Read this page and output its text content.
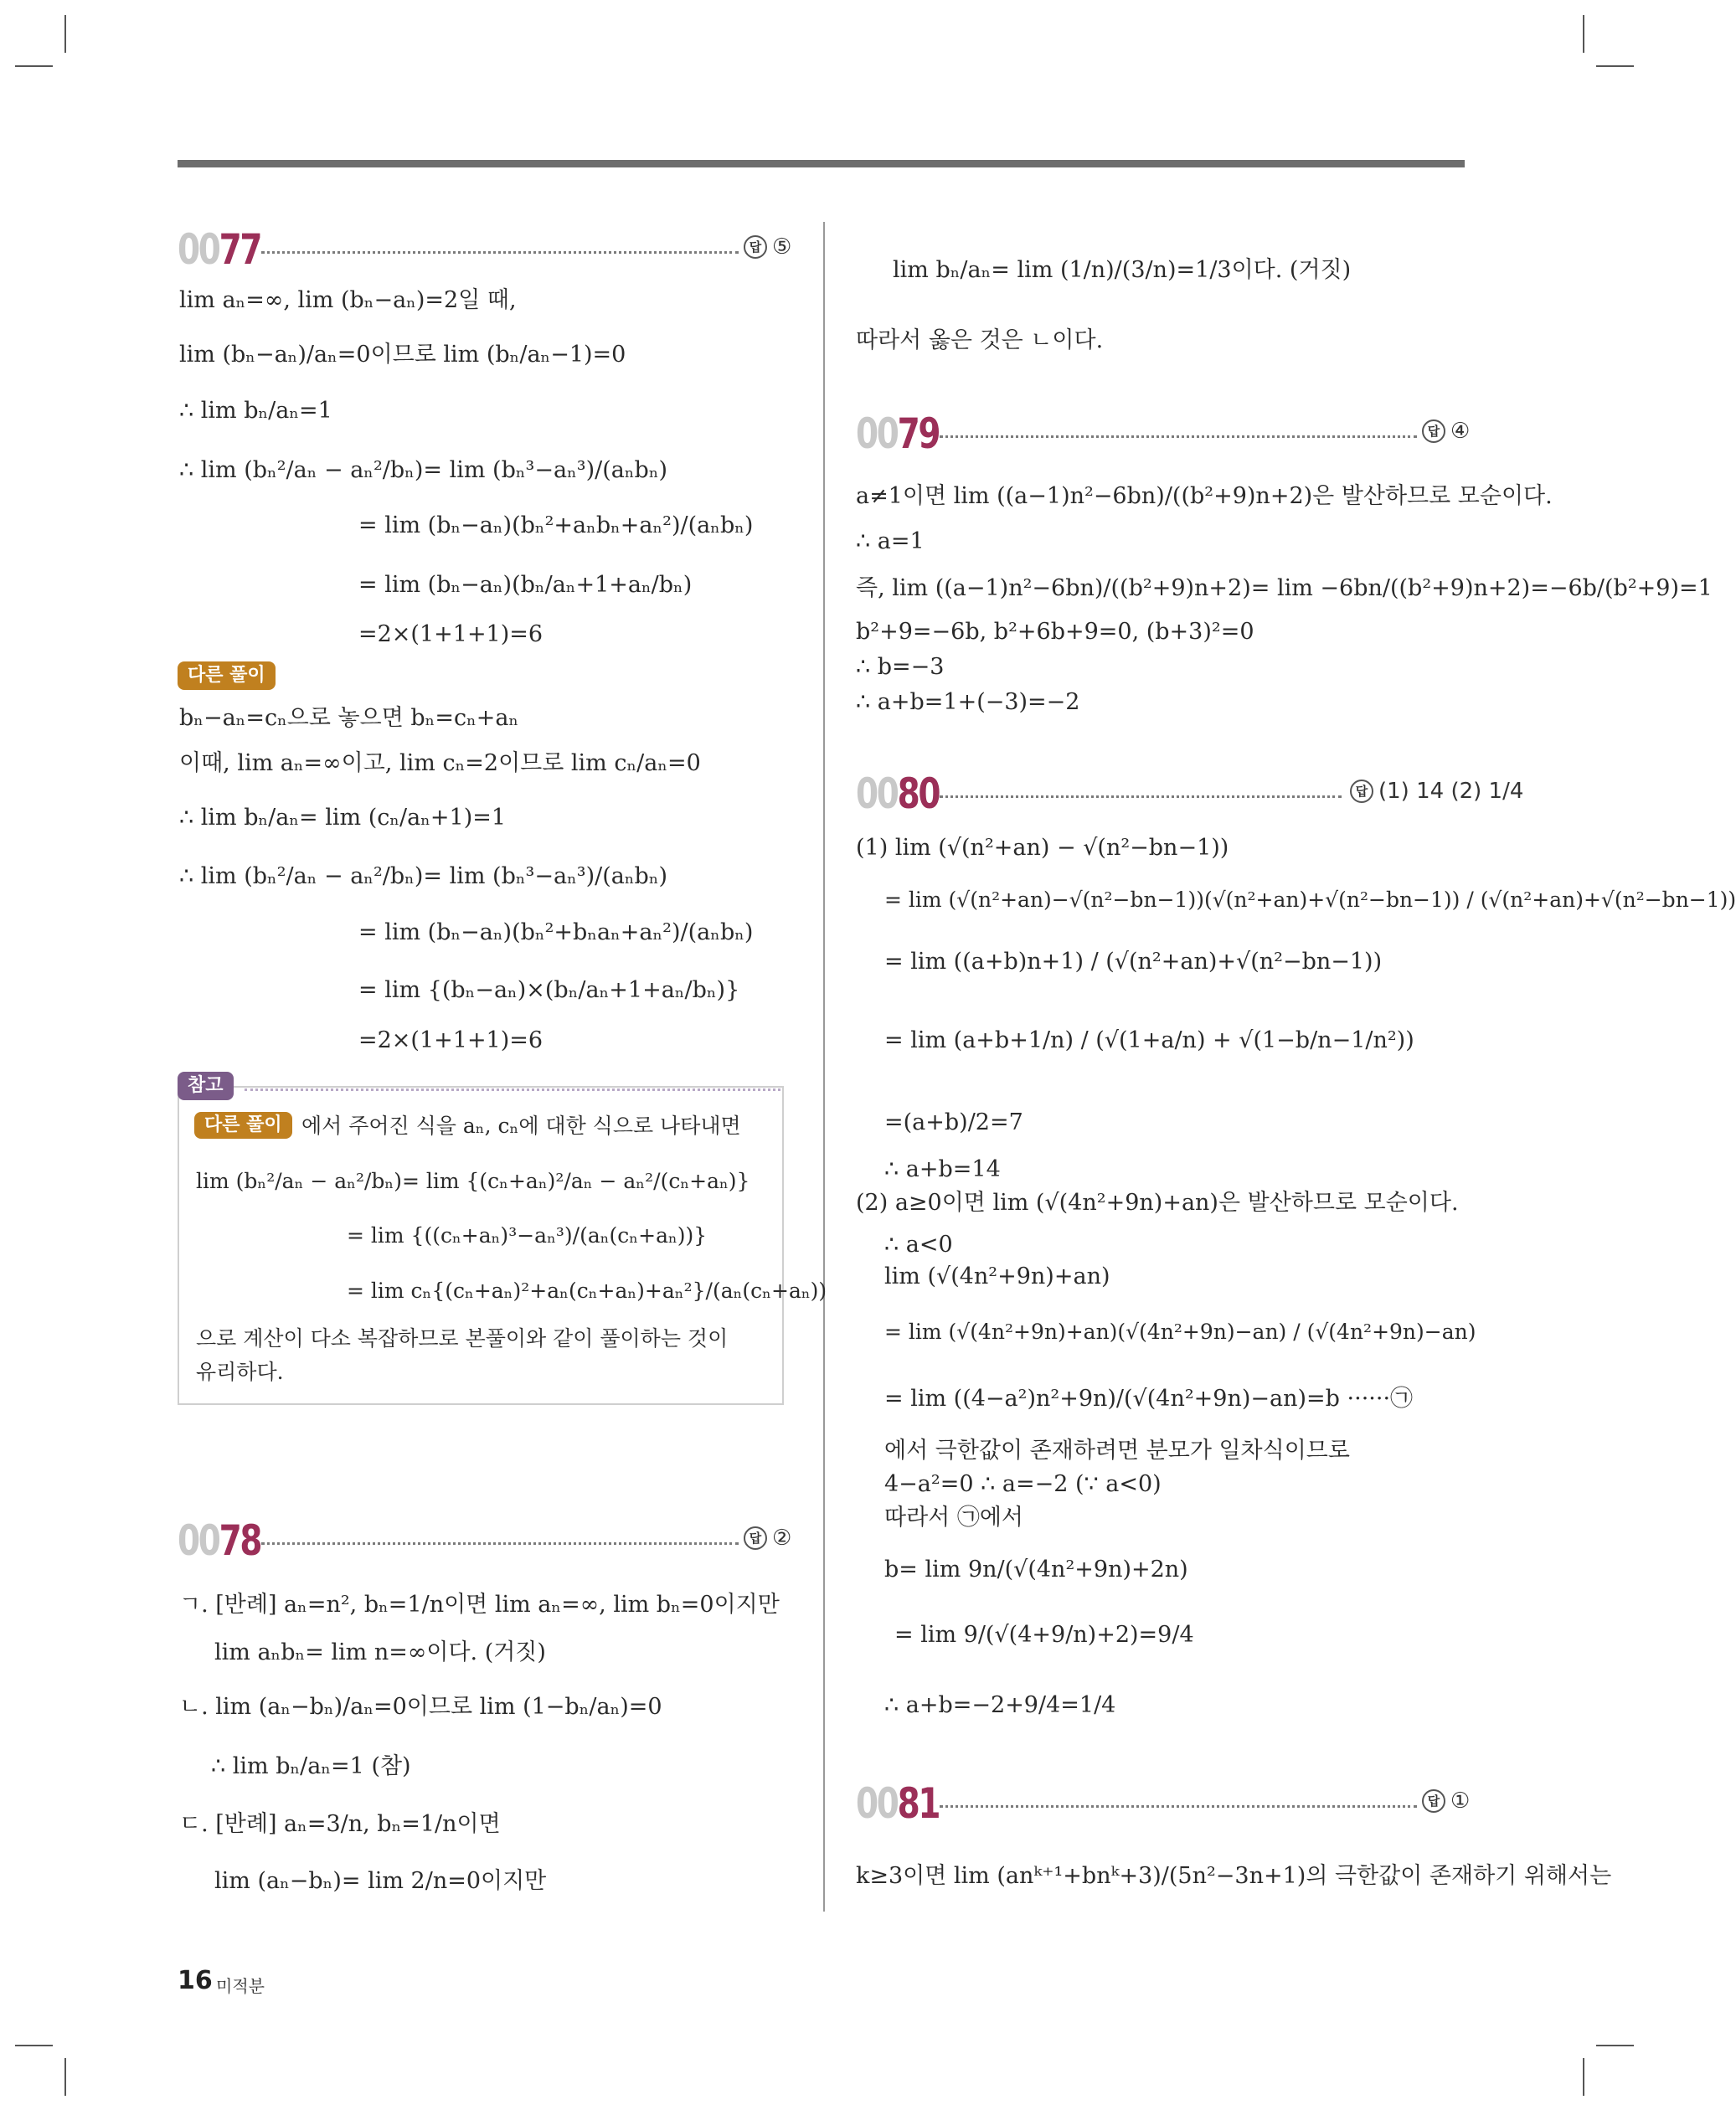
0077	답 ⑤
lim aₙ=∞, lim (bₙ−aₙ)=2일 때,
lim (bₙ−aₙ)/aₙ=0이므로 lim (bₙ/aₙ−1)=0
∴ lim bₙ/aₙ=1
∴ lim (bₙ²/aₙ − aₙ²/bₙ)= lim (bₙ³−aₙ³)/(aₙbₙ)
= lim (bₙ−aₙ)(bₙ²+aₙbₙ+aₙ²)/(aₙbₙ)
= lim (bₙ−aₙ)(bₙ/aₙ+1+aₙ/bₙ)
=2×(1+1+1)=6
다른 풀이
bₙ−aₙ=cₙ으로 놓으면 bₙ=cₙ+aₙ
이때, lim aₙ=∞이고, lim cₙ=2이므로 lim cₙ/aₙ=0
∴ lim bₙ/aₙ= lim (cₙ/aₙ+1)=1
∴ lim (bₙ²/aₙ − aₙ²/bₙ)= lim (bₙ³−aₙ³)/(aₙbₙ)
= lim (bₙ−aₙ)(bₙ²+bₙaₙ+aₙ²)/(aₙbₙ)
= lim {(bₙ−aₙ)×(bₙ/aₙ+1+aₙ/bₙ)}
=2×(1+1+1)=6
참고
다른 풀이 에서 주어진 식을 aₙ, cₙ에 대한 식으로 나타내면
lim (bₙ²/aₙ − aₙ²/bₙ)= lim {(cₙ+aₙ)²/aₙ − aₙ²/(cₙ+aₙ)}
= lim {((cₙ+aₙ)³−aₙ³)/(aₙ(cₙ+aₙ))}
= lim cₙ{(cₙ+aₙ)²+aₙ(cₙ+aₙ)+aₙ²}/(aₙ(cₙ+aₙ))
으로 계산이 다소 복잡하므로 본풀이와 같이 풀이하는 것이
유리하다.
0078	답 ②
ㄱ. [반례] aₙ=n², bₙ=1/n이면 lim aₙ=∞, lim bₙ=0이지만
lim aₙbₙ= lim n=∞이다. (거짓)
ㄴ. lim (aₙ−bₙ)/aₙ=0이므로 lim (1−bₙ/aₙ)=0
∴ lim bₙ/aₙ=1 (참)
ㄷ. [반례] aₙ=3/n, bₙ=1/n이면
lim (aₙ−bₙ)= lim 2/n=0이지만
lim bₙ/aₙ= lim (1/n)/(3/n)=1/3이다. (거짓)
따라서 옳은 것은 ㄴ이다.
0079	답 ④
a≠1이면 lim ((a−1)n²−6bn)/((b²+9)n+2)은 발산하므로 모순이다.
∴ a=1
즉, lim ((a−1)n²−6bn)/((b²+9)n+2)= lim −6bn/((b²+9)n+2)=−6b/(b²+9)=1
b²+9=−6b, b²+6b+9=0, (b+3)²=0
∴ b=−3
∴ a+b=1+(−3)=−2
0080	답 (1) 14 (2) 1/4
(1) lim (√(n²+an) − √(n²−bn−1))
= lim (√(n²+an)−√(n²−bn−1))(√(n²+an)+√(n²−bn−1)) / (√(n²+an)+√(n²−bn−1))
= lim ((a+b)n+1) / (√(n²+an)+√(n²−bn−1))
= lim (a+b+1/n) / (√(1+a/n) + √(1−b/n−1/n²))
=(a+b)/2=7
∴ a+b=14
(2) a≥0이면 lim (√(4n²+9n)+an)은 발산하므로 모순이다.
∴ a<0
lim (√(4n²+9n)+an)
= lim (√(4n²+9n)+an)(√(4n²+9n)−an) / (√(4n²+9n)−an)
= lim ((4−a²)n²+9n)/(√(4n²+9n)−an)=b ······㉠
에서 극한값이 존재하려면 분모가 일차식이므로
4−a²=0 ∴ a=−2 (∵ a<0)
따라서 ㉠에서
b= lim 9n/(√(4n²+9n)+2n)
= lim 9/(√(4+9/n)+2)=9/4
∴ a+b=−2+9/4=1/4
0081	답 ①
k≥3이면 lim (anᵏ⁺¹+bnᵏ+3)/(5n²−3n+1)의 극한값이 존재하기 위해서는
16 미적분
